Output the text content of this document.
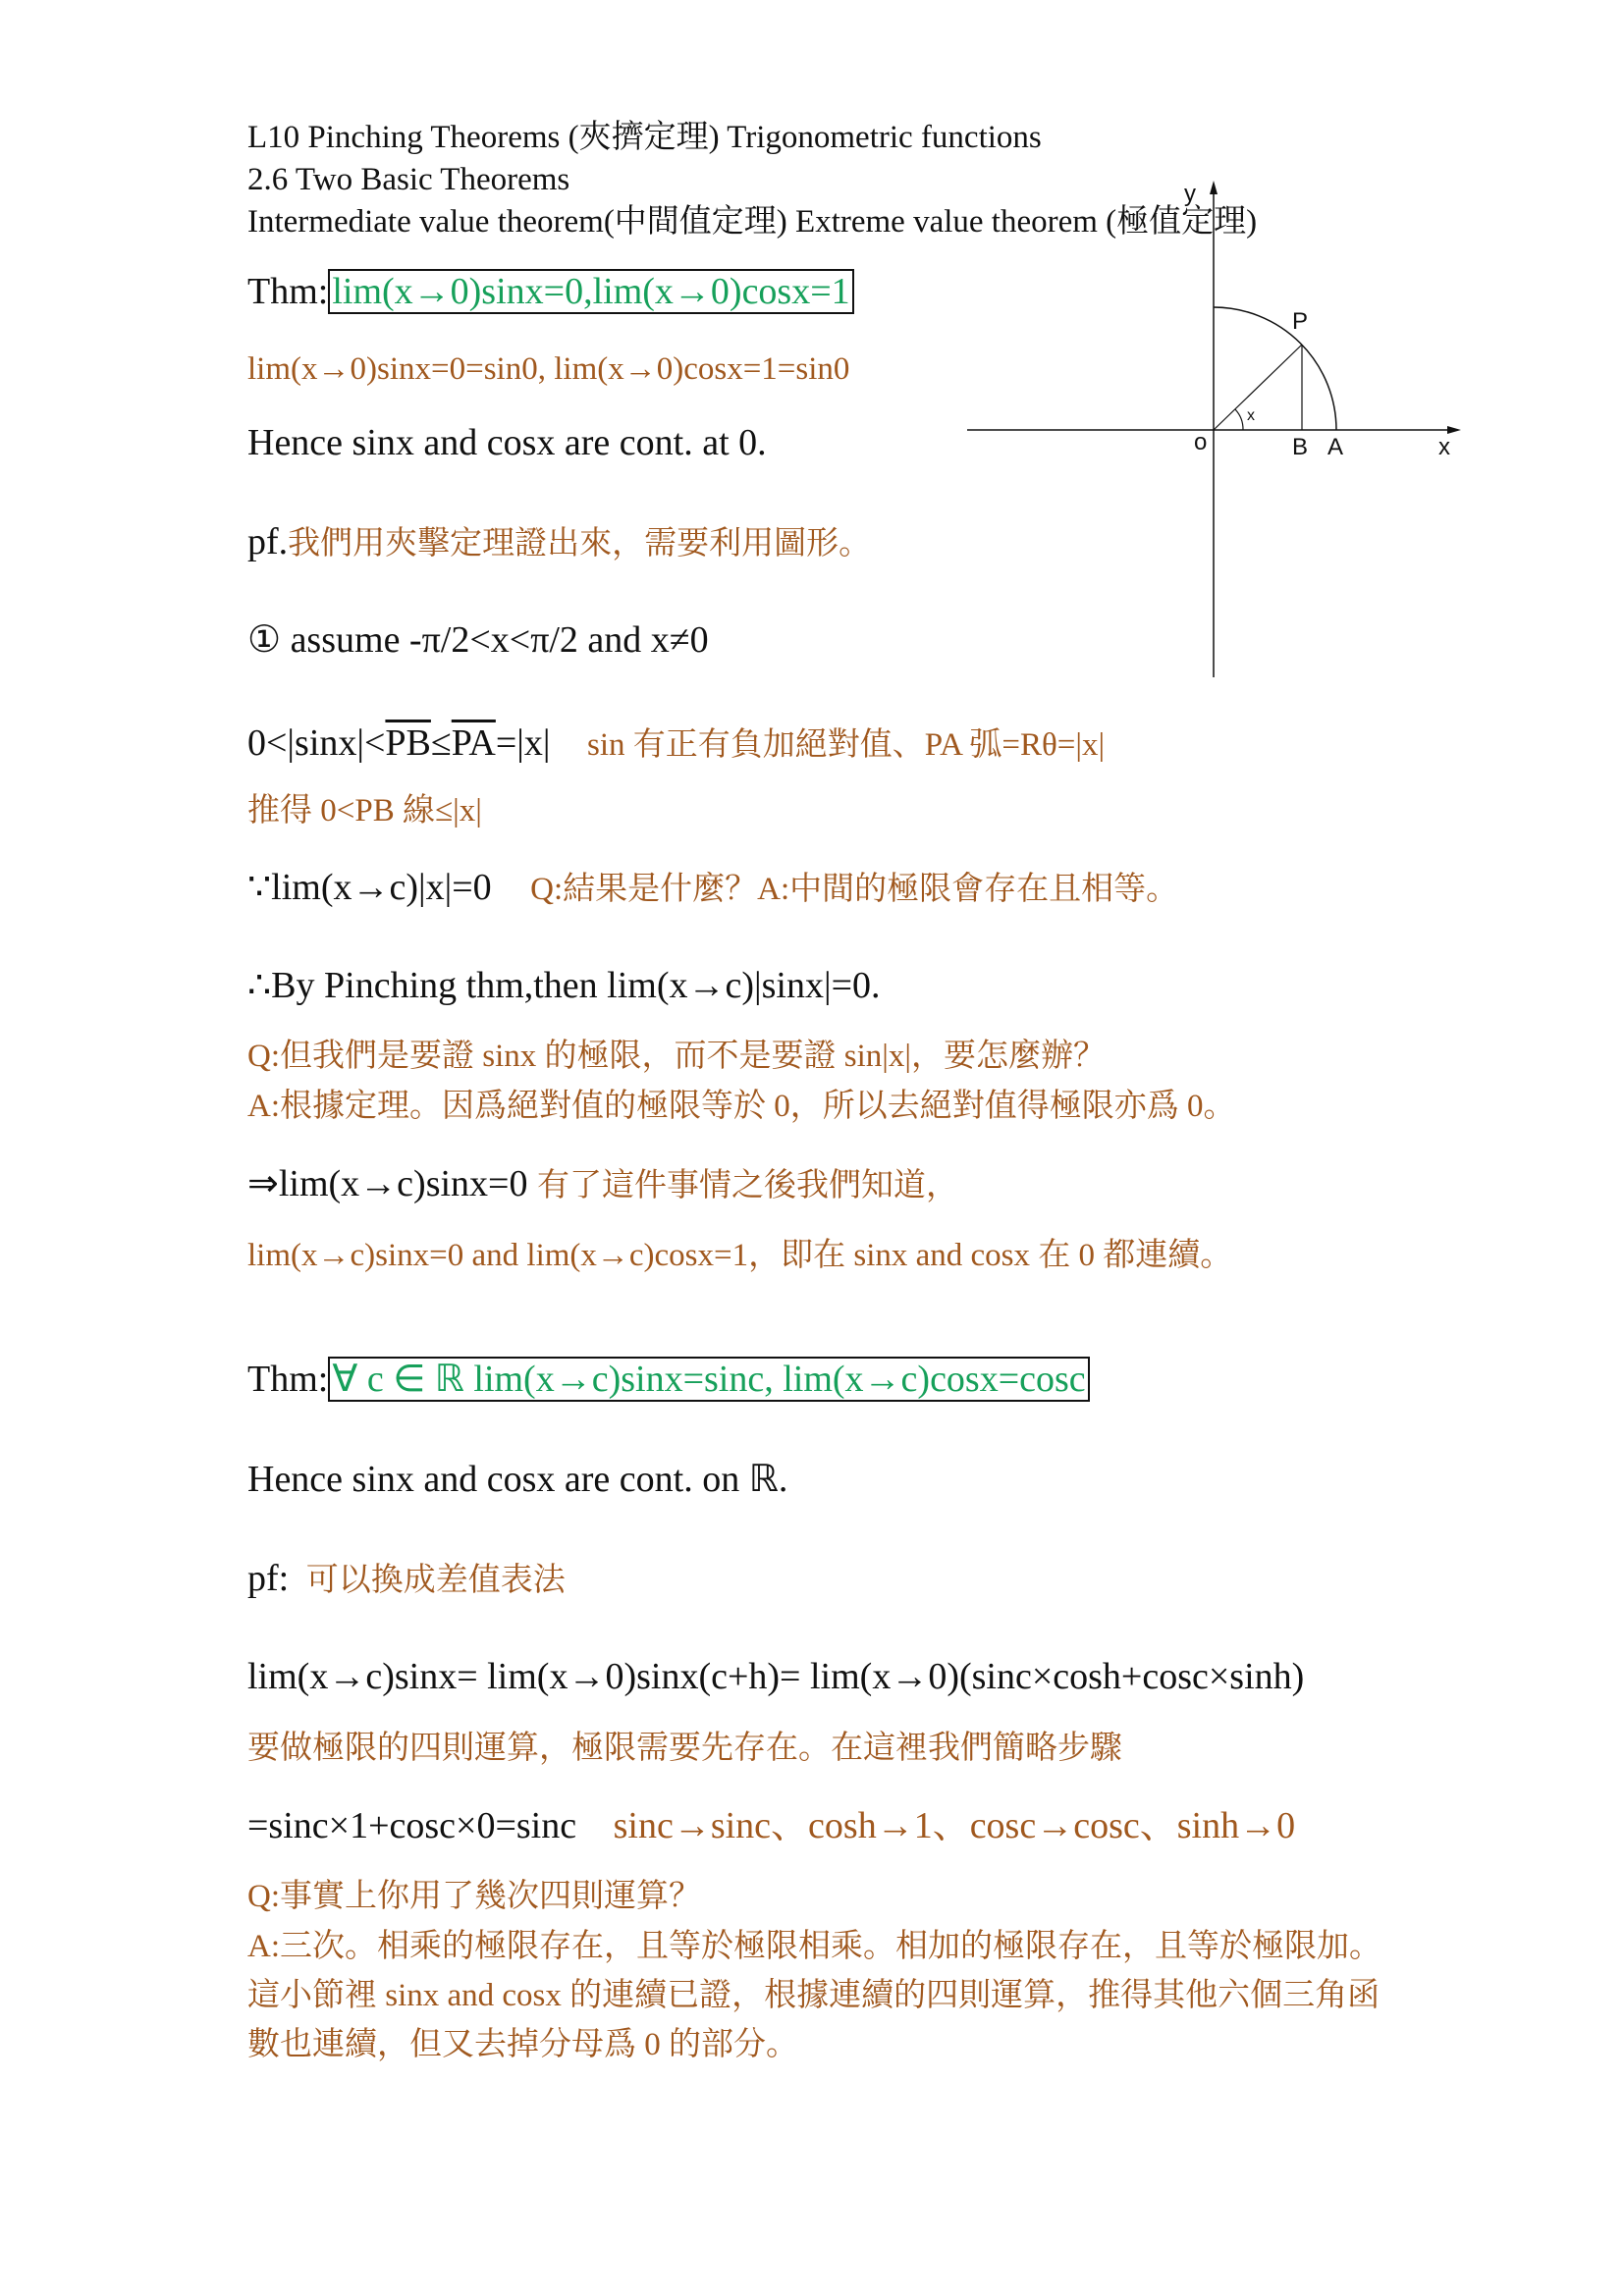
L10 Pinching Theorems (夾擠定理) Trigonometric functions
2.6 Two Basic Theorems
Intermediate value theorem(中間值定理) Extreme value theorem (極值定理)
Thm: lim(x→0)sinx=0,lim(x→0)cosx=1
lim(x→0)sinx=0=sin0, lim(x→0)cosx=1=sin0
Hence sinx and cosx are cont. at 0.
pf.我們用夾擊定理證出來，需要利用圖形。
① assume -π/2<x<π/2 and x≠0
$0<|\sin x|<\overline{PB}\le\overline{PA}=|x|$ sin 有正有負加絕對值、PA 弧=Rθ=|x|
推得 0<PB 線≤|x|
∵lim(x→c)|x|=0 Q:結果是什麼？A:中間的極限會存在且相等。
∴By Pinching thm,then lim(x→c)|sinx|=0.
Q:但我們是要證 sinx 的極限，而不是要證 sin|x|，要怎麼辦？
A:根據定理。因爲絕對值的極限等於 0，所以去絕對值得極限亦爲 0。
⇒lim(x→c)sinx=0 有了這件事情之後我們知道，
lim(x→c)sinx=0 and lim(x→c)cosx=1，即在 sinx and cosx 在 0 都連續。
Thm: ∀ c ∈ ℝ lim(x→c)sinx=sinc, lim(x→c)cosx=cosc
Hence sinx and cosx are cont. on ℝ.
pf: 可以換成差值表法
lim(x→c)sinx= lim(x→0)sinx(c+h)= lim(x→0)(sinc×cosh+cosc×sinh)
要做極限的四則運算，極限需要先存在。在這裡我們簡略步驟
=sinc×1+cosc×0=sinc sinc→sinc、cosh→1、cosc→cosc、sinh→0
Q:事實上你用了幾次四則運算？
A:三次。相乘的極限存在，且等於極限相乘。相加的極限存在，且等於極限加。
這小節裡 sinx and cosx 的連續已證，根據連續的四則運算，推得其他六個三角函
數也連續，但又去掉分母爲 0 的部分。
y
x
o
P
B A
x
